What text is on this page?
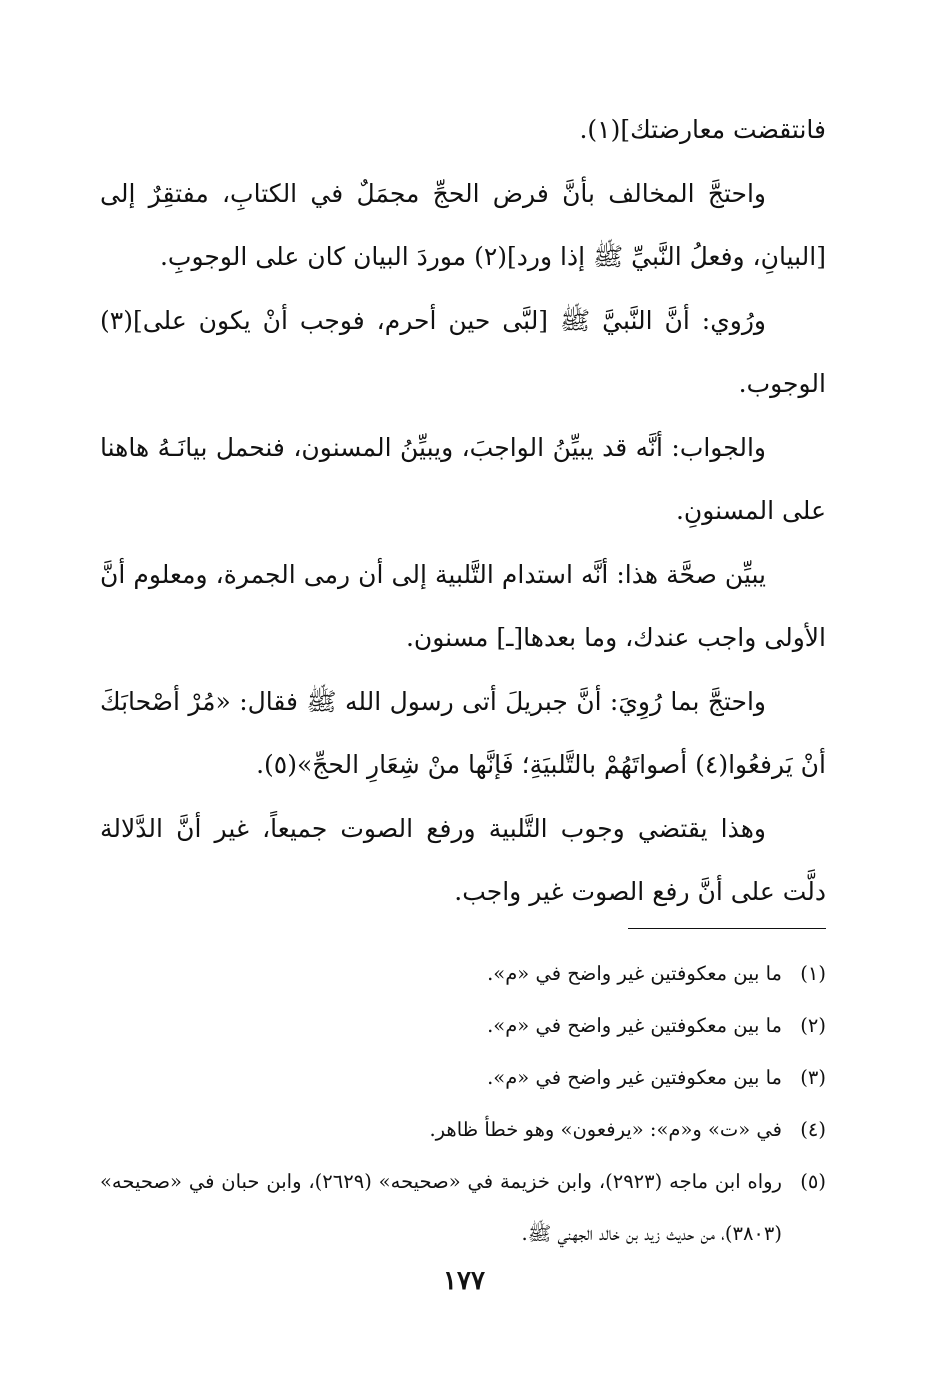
فانتقضت معارضتك](١).

واحتجَّ المخالف بأنَّ فرض الحجِّ مجمَلٌ في الكتابِ، مفتقِرٌ إلى [البيانِ، وفعلُ النَّبيِّ ﷺ إذا ورد](٢) موردَ البيان كان على الوجوبِ.

ورُوي: أنَّ النَّبيَّ ﷺ [لبَّى حين أحرم، فوجب أنْ يكون على](٣) الوجوب.

والجواب: أنَّه قد يبيِّنُ الواجبَ، ويبيِّنُ المسنون، فنحمل بيانَـهُ هاهنا على المسنونِ.

يبيِّن صحَّة هذا: أنَّه استدام التَّلبية إلى أن رمى الجمرة، ومعلوم أنَّ الأولى واجب عندك، وما بعدها[ـ] مسنون.

واحتجَّ بما رُوِيَ: أنَّ جبريلَ أتى رسول الله ﷺ فقال: «مُرْ أصْحابَكَ أنْ يَرفعُوا(٤) أصواتَهُمْ بالتَّلبيَةِ؛ فَإنَّها منْ شِعَارِ الحجِّ»(٥).

وهذا يقتضي وجوب التَّلبية ورفع الصوت جميعاً، غير أنَّ الدَّلالة دلَّت على أنَّ رفع الصوت غير واجب.

(١)
ما بين معكوفتين غير واضح في «م».
(٢)
ما بين معكوفتين غير واضح في «م».
(٣)
ما بين معكوفتين غير واضح في «م».
(٤)
في «ت» و«م»: «يرفعون» وهو خطأ ظاهر.
(٥)
رواه ابن ماجه (٢٩٢٣)، وابن خزيمة في «صحيحه» (٢٦٢٩)، وابن حبان في «صحيحه» (٣٨٠٣)، من حديث زيد بن خالد الجهني ﷺ.
١٧٧
